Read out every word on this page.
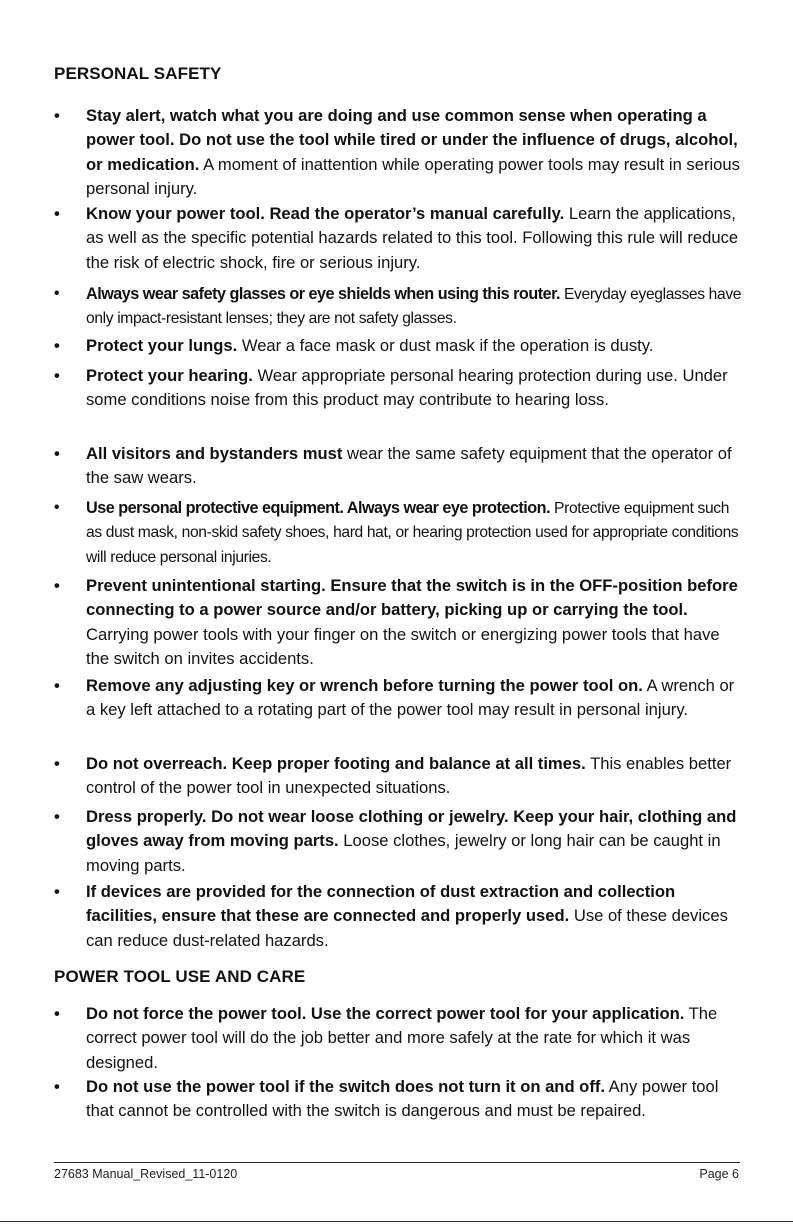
PERSONAL SAFETY
•	Stay alert, watch what you are doing and use common sense when operating a power tool. Do not use the tool while tired or under the influence of drugs, alcohol, or medication. A moment of inattention while operating power tools may result in serious personal injury.
•	Know your power tool. Read the operator’s manual carefully. Learn the applications, as well as the specific potential hazards related to this tool. Following this rule will reduce the risk of electric shock, fire or serious injury.
•	Always wear safety glasses or eye shields when using this router. Everyday eyeglasses have only impact-resistant lenses; they are not safety glasses.
•	Protect your lungs. Wear a face mask or dust mask if the operation is dusty.
•	Protect your hearing. Wear appropriate personal hearing protection during use. Under some conditions noise from this product may contribute to hearing loss.
•	All visitors and bystanders must wear the same safety equipment that the operator of the saw wears.
•	Use personal protective equipment. Always wear eye protection. Protective equipment such as dust mask, non-skid safety shoes, hard hat, or hearing protection used for appropriate conditions will reduce personal injuries.
•	Prevent unintentional starting. Ensure that the switch is in the OFF-position before connecting to a power source and/or battery, picking up or carrying the tool. Carrying power tools with your finger on the switch or energizing power tools that have the switch on invites accidents.
•	Remove any adjusting key or wrench before turning the power tool on. A wrench or a key left attached to a rotating part of the power tool may result in personal injury.
•	Do not overreach. Keep proper footing and balance at all times. This enables better control of the power tool in unexpected situations.
•	Dress properly. Do not wear loose clothing or jewelry. Keep your hair, clothing and gloves away from moving parts. Loose clothes, jewelry or long hair can be caught in moving parts.
•	If devices are provided for the connection of dust extraction and collection facilities, ensure that these are connected and properly used. Use of these devices can reduce dust-related hazards.
POWER TOOL USE AND CARE
•	Do not force the power tool. Use the correct power tool for your application. The correct power tool will do the job better and more safely at the rate for which it was designed.
•	Do not use the power tool if the switch does not turn it on and off. Any power tool that cannot be controlled with the switch is dangerous and must be repaired.
27683 Manual_Revised_11-0120	Page 6
